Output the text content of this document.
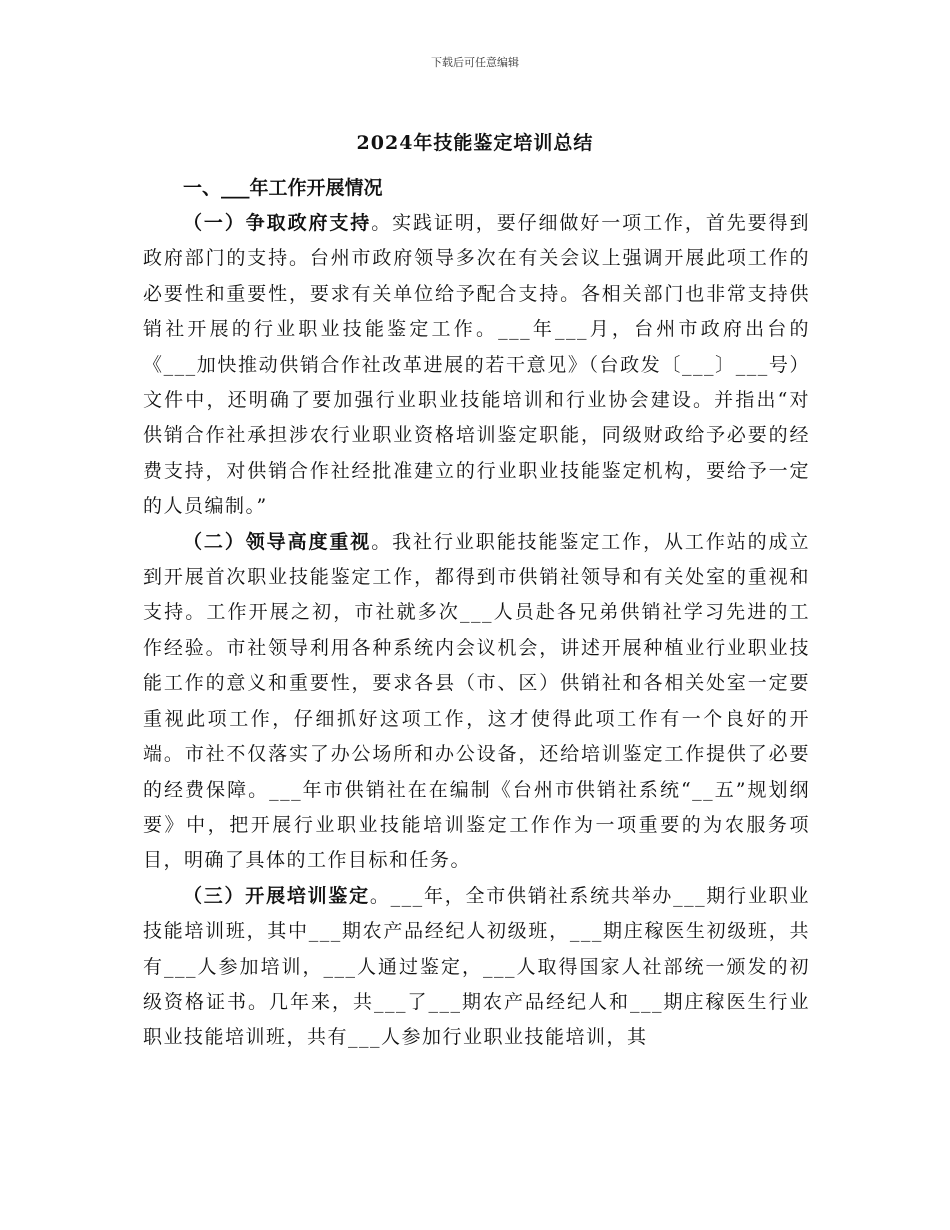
下载后可任意编辑
2024年技能鉴定培训总结
一、___年工作开展情况

（一）争取政府支持。实践证明，要仔细做好一项工作，首先要得到政府部门的支持。台州市政府领导多次在有关会议上强调开展此项工作的必要性和重要性，要求有关单位给予配合支持。各相关部门也非常支持供销社开展的行业职业技能鉴定工作。___年___月，台州市政府出台的《___加快推动供销合作社改革进展的若干意见》（台政发〔___〕___号）文件中，还明确了要加强行业职业技能培训和行业协会建设。并指出“对供销合作社承担涉农行业职业资格培训鉴定职能，同级财政给予必要的经费支持，对供销合作社经批准建立的行业职业技能鉴定机构，要给予一定的人员编制。”

（二）领导高度重视。我社行业职能技能鉴定工作，从工作站的成立到开展首次职业技能鉴定工作，都得到市供销社领导和有关处室的重视和支持。工作开展之初，市社就多次___人员赴各兄弟供销社学习先进的工作经验。市社领导利用各种系统内会议机会，讲述开展种植业行业职业技能工作的意义和重要性，要求各县（市、区）供销社和各相关处室一定要重视此项工作，仔细抓好这项工作，这才使得此项工作有一个良好的开端。市社不仅落实了办公场所和办公设备，还给培训鉴定工作提供了必要的经费保障。___年市供销社在在编制《台州市供销社系统“__五”规划纲要》中，把开展行业职业技能培训鉴定工作作为一项重要的为农服务项目，明确了具体的工作目标和任务。

（三）开展培训鉴定。___年，全市供销社系统共举办___期行业职业技能培训班，其中___期农产品经纪人初级班，___期庄稼医生初级班，共有___人参加培训，___人通过鉴定，___人取得国家人社部统一颁发的初级资格证书。几年来，共___了___期农产品经纪人和___期庄稼医生行业职业技能培训班，共有___人参加行业职业技能培训，其
